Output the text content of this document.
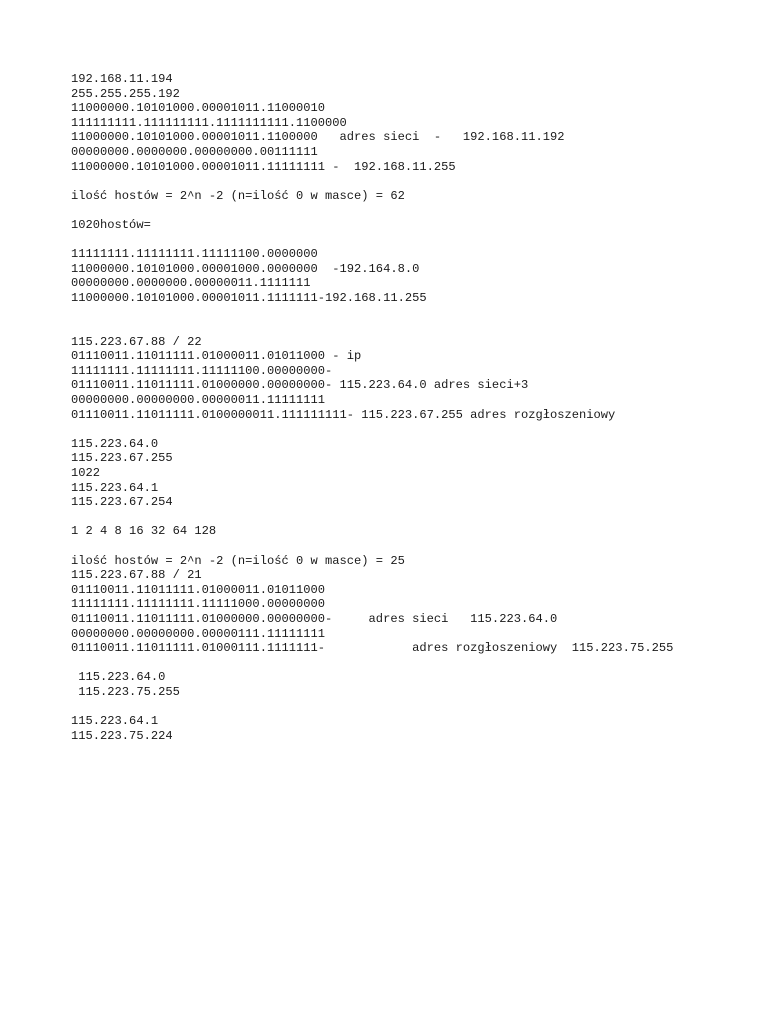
192.168.11.194
255.255.255.192
11000000.10101000.00001011.11000010
111111111.111111111.1111111111.1100000
11000000.10101000.00001011.1100000   adres sieci  -   192.168.11.192
00000000.0000000.00000000.00111111
11000000.10101000.00001011.11111111 -  192.168.11.255
ilość hostów = 2^n -2 (n=ilość 0 w masce) = 62
1020hostów=
11111111.11111111.11111100.0000000
11000000.10101000.00001000.0000000  -192.164.8.0
00000000.0000000.00000011.1111111
11000000.10101000.00001011.1111111-192.168.11.255
115.223.67.88 / 22
01110011.11011111.01000011.01011000 - ip
11111111.11111111.11111100.00000000-
01110011.11011111.01000000.00000000- 115.223.64.0 adres sieci+3
00000000.00000000.00000011.11111111
01110011.11011111.0100000011.111111111- 115.223.67.255 adres rozgłoszeniowy
115.223.64.0
115.223.67.255
1022
115.223.64.1
115.223.67.254
1 2 4 8 16 32 64 128
ilość hostów = 2^n -2 (n=ilość 0 w masce) = 25
115.223.67.88 / 21
01110011.11011111.01000011.01011000
11111111.11111111.11111000.00000000
01110011.11011111.01000000.00000000-     adres sieci   115.223.64.0
00000000.00000000.00000111.11111111
01110011.11011111.01000111.1111111-            adres rozgłoszeniowy  115.223.75.255
115.223.64.0
115.223.75.255
115.223.64.1
115.223.75.224
